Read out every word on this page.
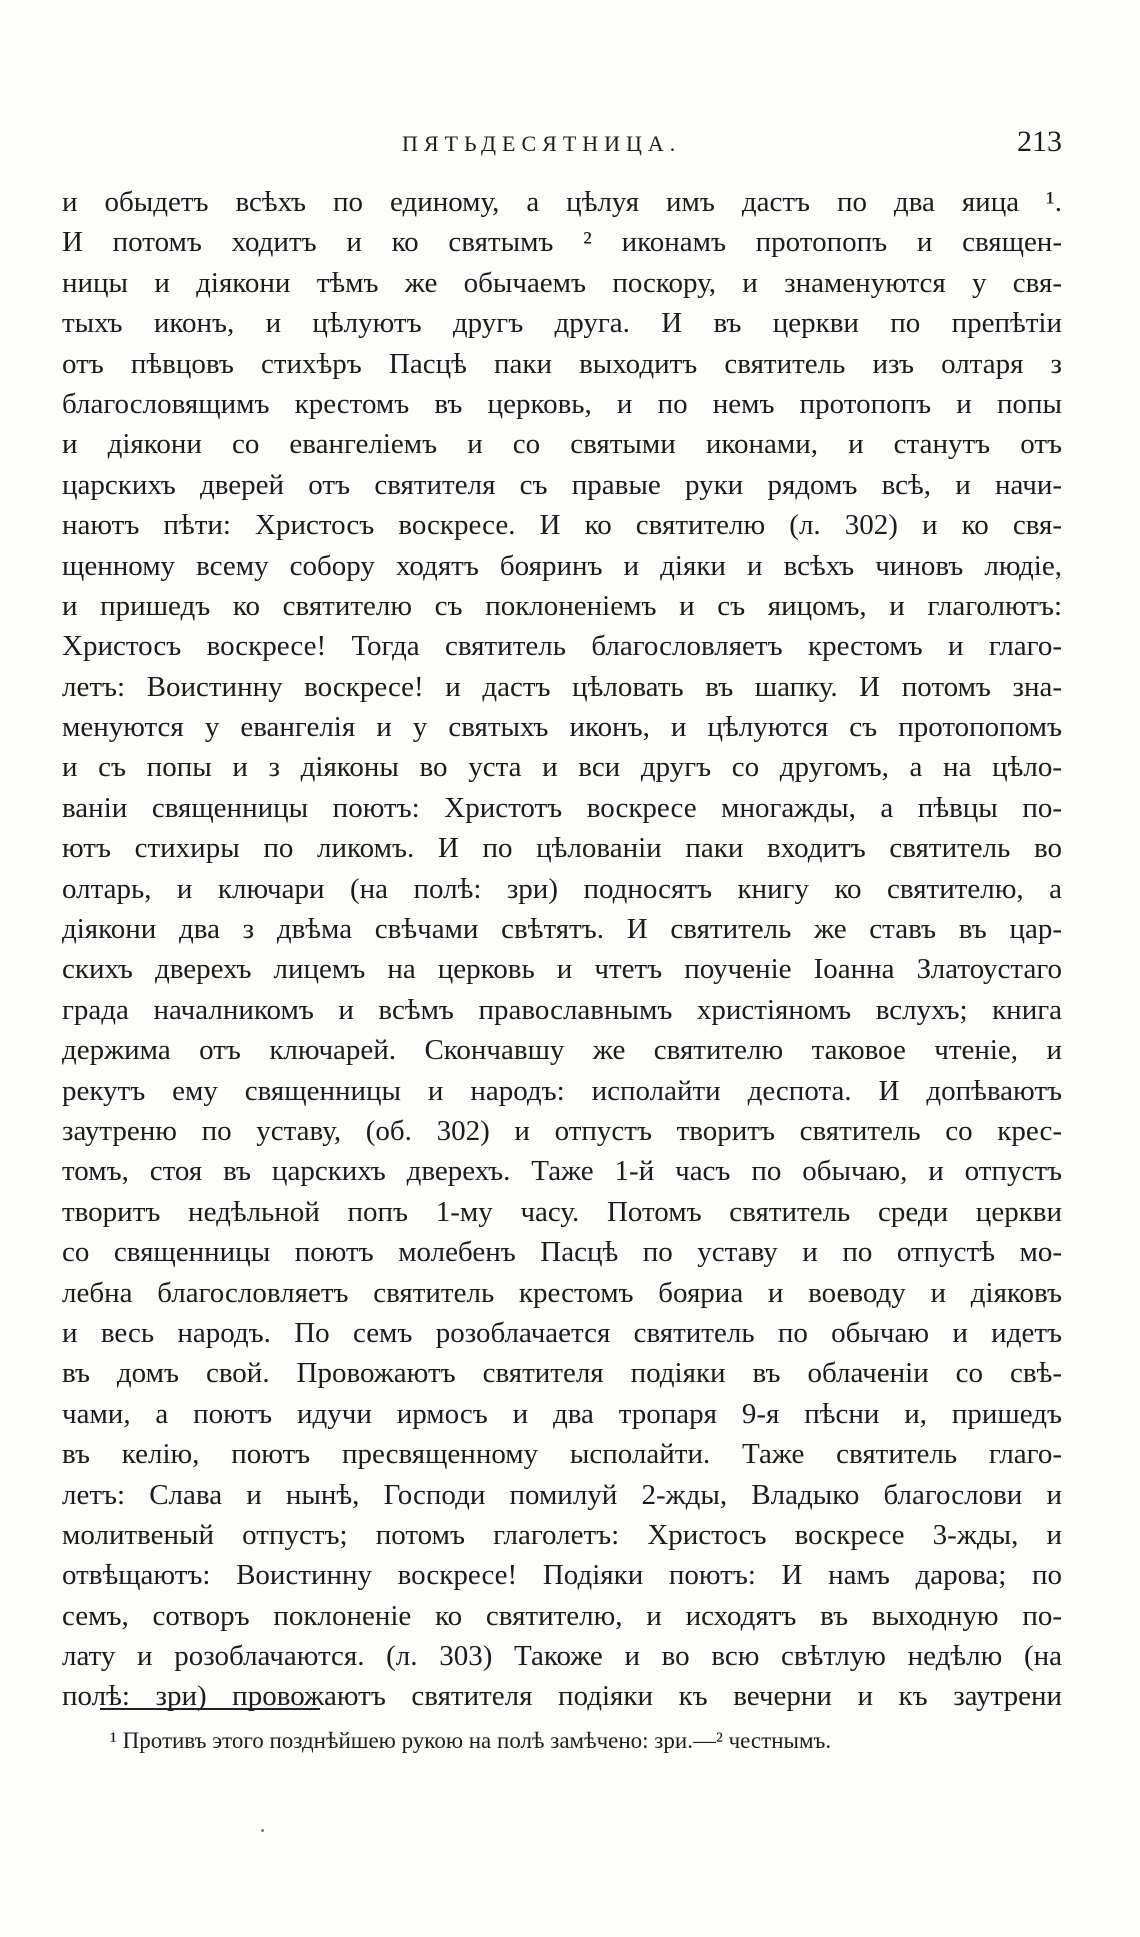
ПЯТЬДЕСЯТНИЦА.	213
и обыдетъ всѣхъ по единому, а цѣлуя имъ дастъ по два яица ¹.
И потомъ ходитъ и ко святымъ ² иконамъ протопопъ и священ-
ницы и діякони тѣмъ же обычаемъ поскору, и знаменуются у свя-
тыхъ иконъ, и цѣлуютъ другъ друга. И въ церкви по препѣтіи
отъ пѣвцовъ стихѣръ Пасцѣ паки выходитъ святитель изъ олтаря з
благословящимъ крестомъ въ церковь, и по немъ протопопъ и попы
и діякони со евангеліемъ и со святыми иконами, и станутъ отъ
царскихъ дверей отъ святителя съ правые руки рядомъ всѣ, и начи-
наютъ пѣти: Христосъ воскресе. И ко святителю (л. 302) и ко свя-
щенному всему собору ходятъ бояринъ и діяки и всѣхъ чиновъ людіе,
и пришедъ ко святителю съ поклоненіемъ и съ яицомъ, и глаголютъ:
Христосъ воскресе! Тогда святитель благословляетъ крестомъ и глаго-
летъ: Воистинну воскресе! и дастъ цѣловать въ шапку. И потомъ зна-
менуются у евангелія и у святыхъ иконъ, и цѣлуются съ протопопомъ
и съ попы и з діяконы во уста и вси другъ со другомъ, а на цѣло-
ваніи священницы поютъ: Христотъ воскресе многажды, а пѣвцы по-
ютъ стихиры по ликомъ. И по цѣлованіи паки входитъ святитель во
олтарь, и ключари (на полѣ: зри) подносятъ книгу ко святителю, а
діякони два з двѣма свѣчами свѣтятъ. И святитель же ставъ въ цар-
скихъ дверехъ лицемъ на церковь и чтетъ поученіе Іоанна Златоустаго
града началникомъ и всѣмъ православнымъ христіяномъ вслухъ; книга
держима отъ ключарей. Скончавшу же святителю таковое чтеніе, и
рекутъ ему священницы и народъ: исполайти деспота. И допѣваютъ
заутреню по уставу, (об. 302) и отпустъ творитъ святитель со крес-
томъ, стоя въ царскихъ дверехъ. Таже 1-й часъ по обычаю, и отпустъ
творитъ недѣльной попъ 1-му часу. Потомъ святитель среди церкви
со священницы поютъ молебенъ Пасцѣ по уставу и по отпустѣ мо-
лебна благословляетъ святитель крестомъ бояриа и воеводу и діяковъ
и весь народъ. По семъ розоблачается святитель по обычаю и идетъ
въ домъ свой. Провожаютъ святителя подіяки въ облаченіи со свѣ-
чами, а поютъ идучи ирмосъ и два тропаря 9-я пѣсни и, пришедъ
въ келію, поютъ пресвященному ысполайти. Таже святитель глаго-
летъ: Слава и нынѣ, Господи помилуй 2-жды, Владыко благослови и
молитвеный отпустъ; потомъ глаголетъ: Христосъ воскресе 3-жды, и
отвѣщаютъ: Воистинну воскресе! Подіяки поютъ: И намъ дарова; по
семъ, сотворъ поклоненіе ко святителю, и исходятъ въ выходную по-
лату и розоблачаются. (л. 303) Такоже и во всю свѣтлую недѣлю (на
полѣ: зри) провожаютъ святителя подіяки къ вечерни и къ заутрени
¹ Противъ этого позднѣйшею рукою на полѣ замѣчено: зри.—² честнымъ.
